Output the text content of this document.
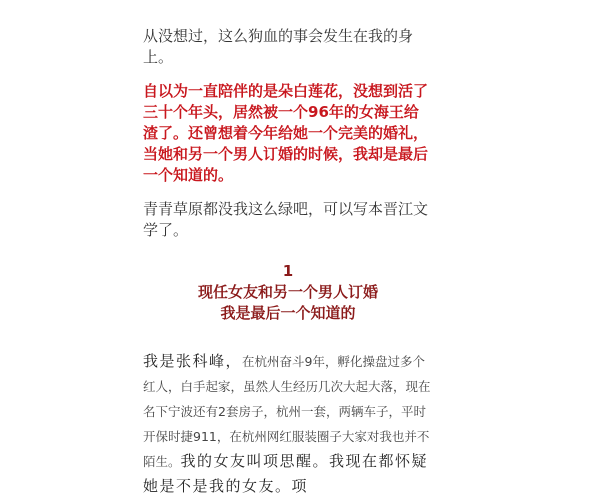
从没想过，这么狗血的事会发生在我的身上。

自以为一直陪伴的是朵白莲花，没想到活了三十个年头，居然被一个96年的女海王给渣了。还曾想着今年给她一个完美的婚礼，当她和另一个男人订婚的时候，我却是最后一个知道的。

青青草原都没我这么绿吧，可以写本晋江文学了。

1
现任女友和另一个男人订婚
我是最后一个知道的

我是张科峰，在杭州奋斗9年，孵化操盘过多个红人，白手起家，虽然人生经历几次大起大落，现在名下宁波还有2套房子，杭州一套，两辆车子，平时开保时捷911，在杭州网红服装圈子大家对我也并不陌生。我的女友叫项思醒。我现在都怀疑她是不是我的女友。项
